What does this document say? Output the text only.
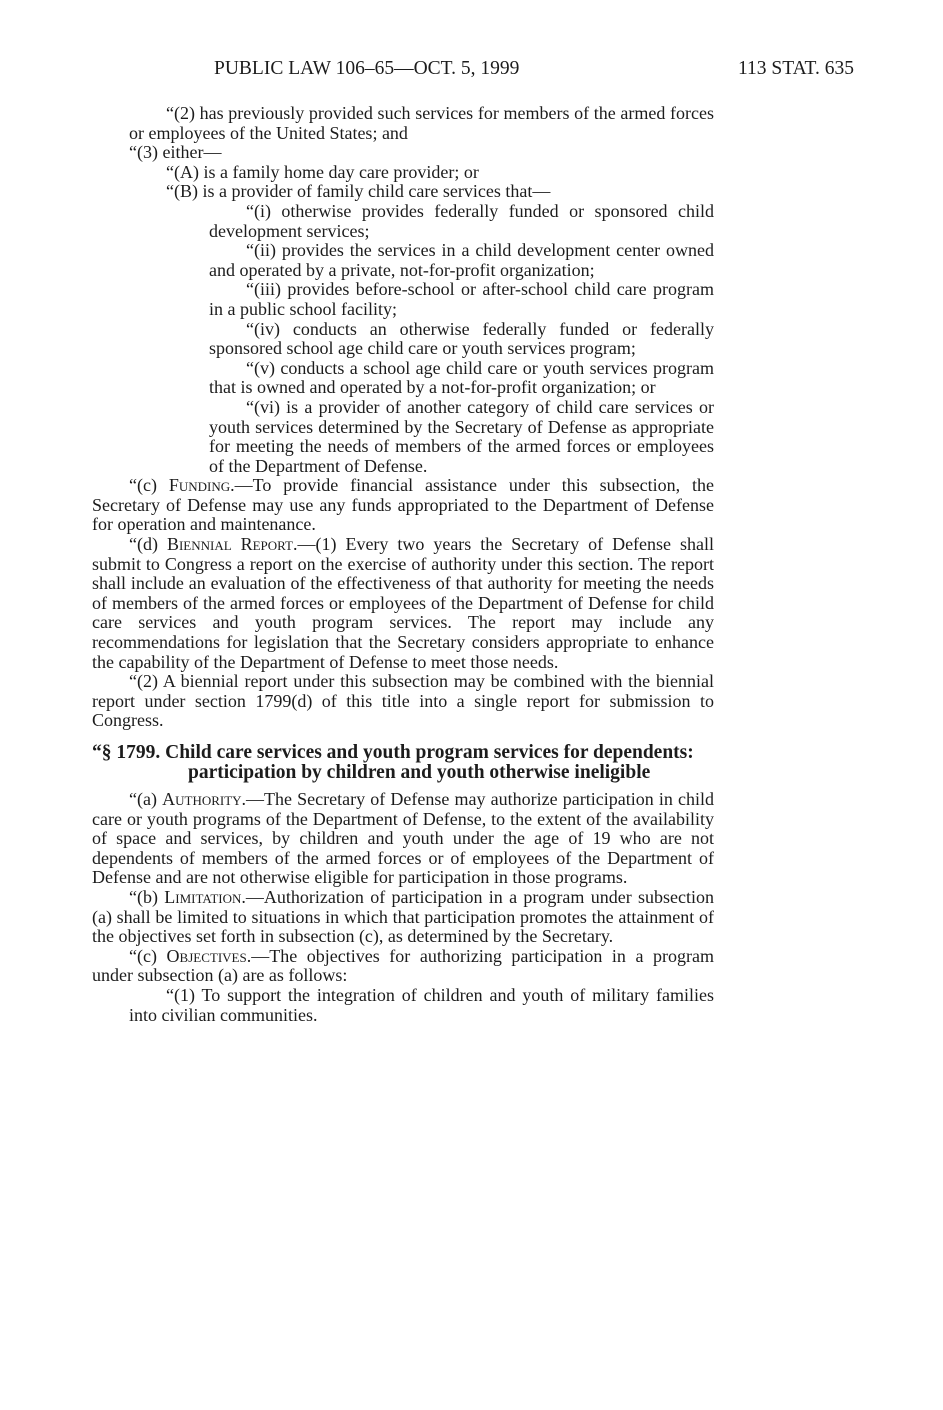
PUBLIC LAW 106–65—OCT. 5, 1999	113 STAT. 635

“(2) has previously provided such services for members of the armed forces or employees of the United States; and

“(3) either—

“(A) is a family home day care provider; or

“(B) is a provider of family child care services that—

“(i) otherwise provides federally funded or sponsored child development services;

“(ii) provides the services in a child development center owned and operated by a private, not-for-profit organization;

“(iii) provides before-school or after-school child care program in a public school facility;

“(iv) conducts an otherwise federally funded or federally sponsored school age child care or youth services program;

“(v) conducts a school age child care or youth services program that is owned and operated by a not-for-profit organization; or

“(vi) is a provider of another category of child care services or youth services determined by the Secretary of Defense as appropriate for meeting the needs of members of the armed forces or employees of the Department of Defense.

“(c) Funding.—To provide financial assistance under this subsection, the Secretary of Defense may use any funds appropriated to the Department of Defense for operation and maintenance.

“(d) Biennial Report.—(1) Every two years the Secretary of Defense shall submit to Congress a report on the exercise of authority under this section. The report shall include an evaluation of the effectiveness of that authority for meeting the needs of members of the armed forces or employees of the Department of Defense for child care services and youth program services. The report may include any recommendations for legislation that the Secretary considers appropriate to enhance the capability of the Department of Defense to meet those needs.

“(2) A biennial report under this subsection may be combined with the biennial report under section 1799(d) of this title into a single report for submission to Congress.

“§ 1799. Child care services and youth program services for dependents: participation by children and youth otherwise ineligible

“(a) Authority.—The Secretary of Defense may authorize participation in child care or youth programs of the Department of Defense, to the extent of the availability of space and services, by children and youth under the age of 19 who are not dependents of members of the armed forces or of employees of the Department of Defense and are not otherwise eligible for participation in those programs.

“(b) Limitation.—Authorization of participation in a program under subsection (a) shall be limited to situations in which that participation promotes the attainment of the objectives set forth in subsection (c), as determined by the Secretary.

“(c) Objectives.—The objectives for authorizing participation in a program under subsection (a) are as follows:

“(1) To support the integration of children and youth of military families into civilian communities.
